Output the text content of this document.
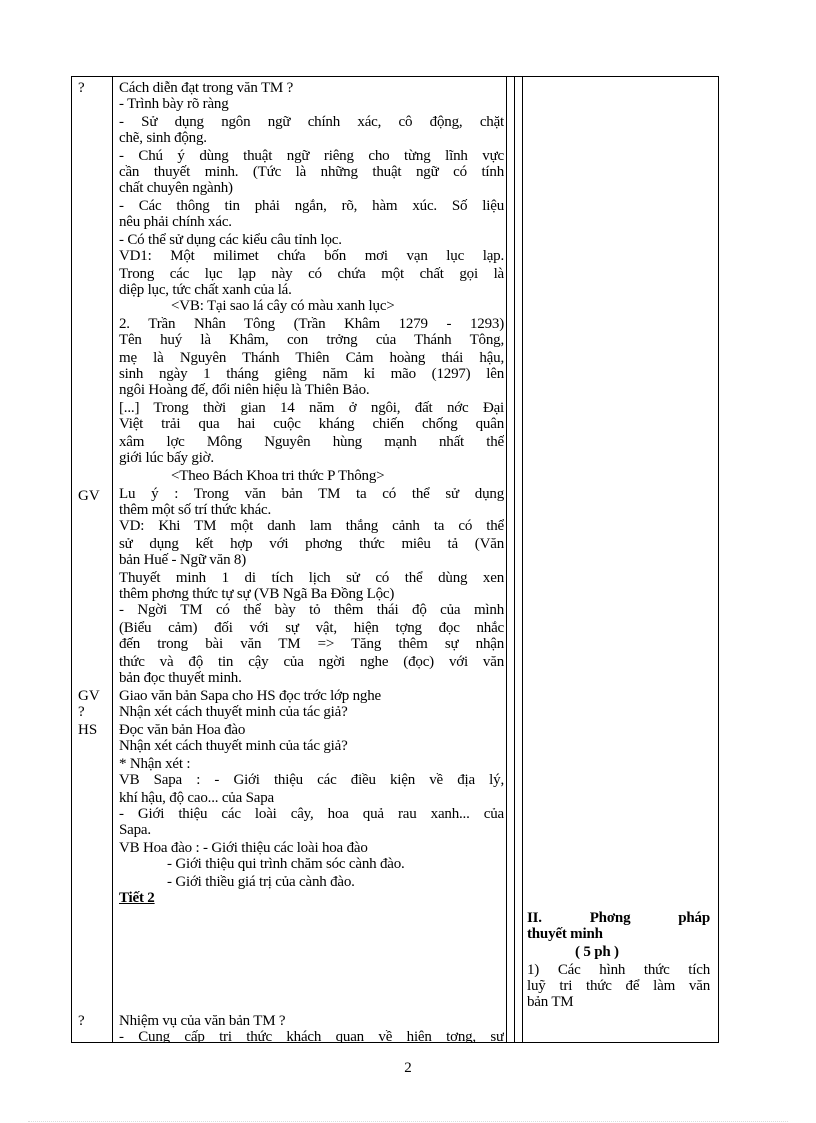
?
GV
GV
?
HS
?
Cách diễn đạt trong văn TM ?
- Trình bày rõ ràng
- Sử dụng ngôn ngữ chính xác, cô động, chặt
chẽ, sinh động.
- Chú ý dùng thuật ngữ riêng cho từng lĩnh vực
cần thuyết minh. (Tức là những thuật ngữ có tính
chất chuyên ngành)
- Các thông tin phải ngắn, rõ, hàm xúc. Số liệu
nêu phải chính xác.
- Có thể sử dụng các kiểu câu tỉnh lọc.
VD1: Một milimet chứa bốn mơi vạn lục lạp.
Trong các lục lạp này có chứa một chất gọi là
diệp lục, tức chất xanh của lá.
<VB: Tại sao lá cây có màu xanh lục>
2. Trần Nhân Tông (Trần Khâm 1279 - 1293)
Tên huý là Khâm, con trởng của Thánh Tông,
mẹ là Nguyên Thánh Thiên Cảm hoàng thái hậu,
sinh ngày 1 tháng giêng năm kỉ mão (1297) lên
ngôi Hoàng đế, đổi niên hiệu là Thiên Bảo.
[...] Trong thời gian 14 năm ở ngôi, đất nớc Đại
Việt trải qua hai cuộc kháng chiến chống quân
xâm lợc Mông Nguyên hùng mạnh nhất thế
giới lúc bấy giờ.
<Theo Bách Khoa tri thức P Thông>
Lu ý : Trong văn bản TM ta có thể sử dụng
thêm một số trí thức khác.
VD: Khi TM một danh lam thắng cảnh ta có thể
sử dụng kết hợp với phơng thức miêu tả (Văn
bản Huế - Ngữ văn 8)
Thuyết minh 1 di tích lịch sử có thể dùng xen
thêm phơng thức tự sự (VB Ngã Ba Đồng Lộc)
- Ngời TM có thể bày tỏ thêm thái độ của mình
(Biểu cảm) đối với sự vật, hiện tợng đọc nhắc
đến trong bài văn TM => Tăng thêm sự nhận
thức và độ tin cậy của ngời nghe (đọc) với văn
bản đọc thuyết minh.
Giao văn bản Sapa cho HS đọc trớc lớp nghe
Nhận xét cách thuyết minh của tác giả?
Đọc văn bản Hoa đào
Nhận xét cách thuyết minh của tác giả?
* Nhận xét :
VB Sapa : - Giới thiệu các điều kiện về địa lý,
khí hậu, độ cao... của Sapa
- Giới thiệu các loài cây, hoa quả rau xanh... của
Sapa.
VB Hoa đào : - Giới thiệu các loài hoa đào
- Giới thiệu qui trình chăm sóc cành đào.
- Giới thiều giá trị của cành đào.
Tiết 2
Nhiệm vụ của văn bản TM ?
- Cung cấp tri thức khách quan về hiện tợng, sự
II. Phơng pháp
thuyết minh
( 5 ph )
1) Các hình thức tích
luỹ tri thức để làm văn
bản TM
2
